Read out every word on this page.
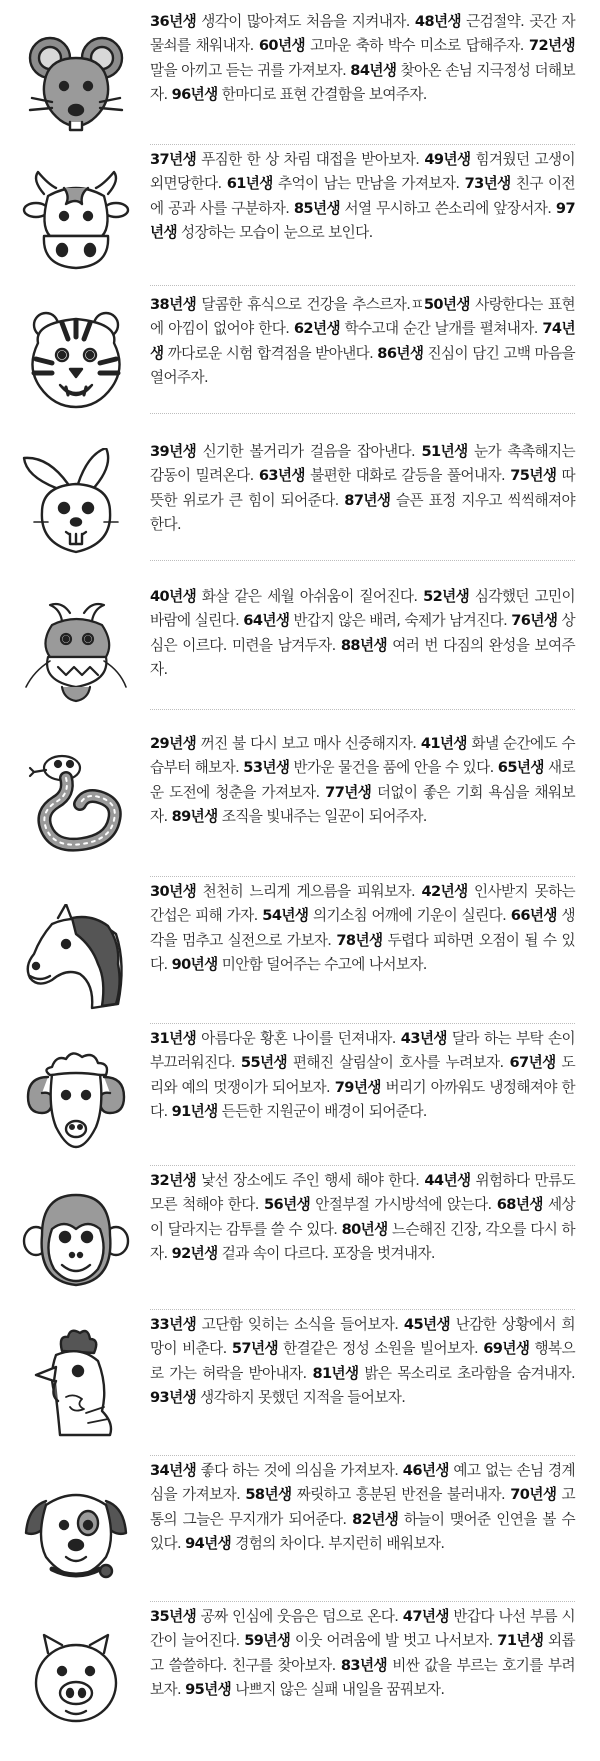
36년생 생각이 많아져도 처음을 지켜내자. 48년생 근검절약. 곳간 자물쇠를 채워내자. 60년생 고마운 축하 박수 미소로 답해주자. 72년생 말을 아끼고 듣는 귀를 가져보자. 84년생 찾아온 손님 지극정성 더해보자. 96년생 한마디로 표현 간결함을 보여주자.
37년생 푸짐한 한 상 차림 대접을 받아보자. 49년생 힘겨웠던 고생이 외면당한다. 61년생 추억이 남는 만남을 가져보자. 73년생 친구 이전에 공과 사를 구분하자. 85년생 서열 무시하고 쓴소리에 앞장서자. 97년생 성장하는 모습이 눈으로 보인다.
38년생 달콤한 휴식으로 건강을 추스르자.ㅍ50년생 사랑한다는 표현에 아낌이 없어야 한다. 62년생 학수고대 순간 날개를 펼쳐내자. 74년생 까다로운 시험 합격점을 받아낸다. 86년생 진심이 담긴 고백 마음을 열어주자.
39년생 신기한 볼거리가 걸음을 잡아낸다. 51년생 눈가 촉촉해지는 감동이 밀려온다. 63년생 불편한 대화로 갈등을 풀어내자. 75년생 따뜻한 위로가 큰 힘이 되어준다. 87년생 슬픈 표정 지우고 씩씩해져야 한다.
40년생 화살 같은 세월 아쉬움이 짙어진다. 52년생 심각했던 고민이 바람에 실린다. 64년생 반갑지 않은 배려, 숙제가 남겨진다. 76년생 상심은 이르다. 미련을 남겨두자. 88년생 여러 번 다짐의 완성을 보여주자.
29년생 꺼진 불 다시 보고 매사 신중해지자. 41년생 화낼 순간에도 수습부터 해보자. 53년생 반가운 물건을 품에 안을 수 있다. 65년생 새로운 도전에 청춘을 가져보자. 77년생 더없이 좋은 기회 욕심을 채워보자. 89년생 조직을 빛내주는 일꾼이 되어주자.
30년생 천천히 느리게 게으름을 피워보자. 42년생 인사받지 못하는 간섭은 피해 가자. 54년생 의기소침 어깨에 기운이 실린다. 66년생 생각을 멈추고 실전으로 가보자. 78년생 두렵다 피하면 오점이 될 수 있다. 90년생 미안함 덜어주는 수고에 나서보자.
31년생 아름다운 황혼 나이를 던져내자. 43년생 달라 하는 부탁 손이 부끄러워진다. 55년생 편해진 살림살이 호사를 누려보자. 67년생 도리와 예의 멋쟁이가 되어보자. 79년생 버리기 아까워도 냉정해져야 한다. 91년생 든든한 지원군이 배경이 되어준다.
32년생 낯선 장소에도 주인 행세 해야 한다. 44년생 위험하다 만류도 모른 척해야 한다. 56년생 안절부절 가시방석에 앉는다. 68년생 세상이 달라지는 감투를 쓸 수 있다. 80년생 느슨해진 긴장, 각오를 다시 하자. 92년생 겉과 속이 다르다. 포장을 벗겨내자.
33년생 고단함 잊히는 소식을 들어보자. 45년생 난감한 상황에서 희망이 비춘다. 57년생 한결같은 정성 소원을 빌어보자. 69년생 행복으로 가는 허락을 받아내자. 81년생 밝은 목소리로 초라함을 숨겨내자. 93년생 생각하지 못했던 지적을 들어보자.
34년생 좋다 하는 것에 의심을 가져보자. 46년생 예고 없는 손님 경계심을 가져보자. 58년생 짜릿하고 흥분된 반전을 불러내자. 70년생 고통의 그늘은 무지개가 되어준다. 82년생 하늘이 맺어준 인연을 볼 수 있다. 94년생 경험의 차이다. 부지런히 배워보자.
35년생 공짜 인심에 웃음은 덤으로 온다. 47년생 반갑다 나선 부름 시간이 늘어진다. 59년생 이웃 어려움에 발 벗고 나서보자. 71년생 외롭고 쓸쓸하다. 친구를 찾아보자. 83년생 비싼 값을 부르는 호기를 부려보자. 95년생 나쁘지 않은 실패 내일을 꿈꿔보자.
